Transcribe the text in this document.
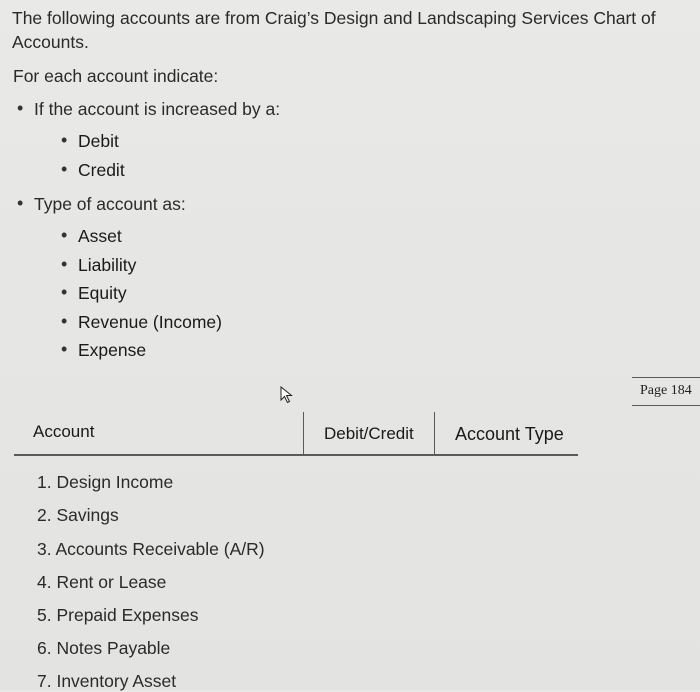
The following accounts are from Craig’s Design and Landscaping Services Chart of Accounts.
For each account indicate:
• If the account is increased by a:
• Debit
• Credit
• Type of account as:
• Asset
• Liability
• Equity
• Revenue (Income)
• Expense
Page 184
Account	Debit/Credit Account Type
1. Design Income
2. Savings
3. Accounts Receivable (A/R)
4. Rent or Lease
5. Prepaid Expenses
6. Notes Payable
7. Inventory Asset
